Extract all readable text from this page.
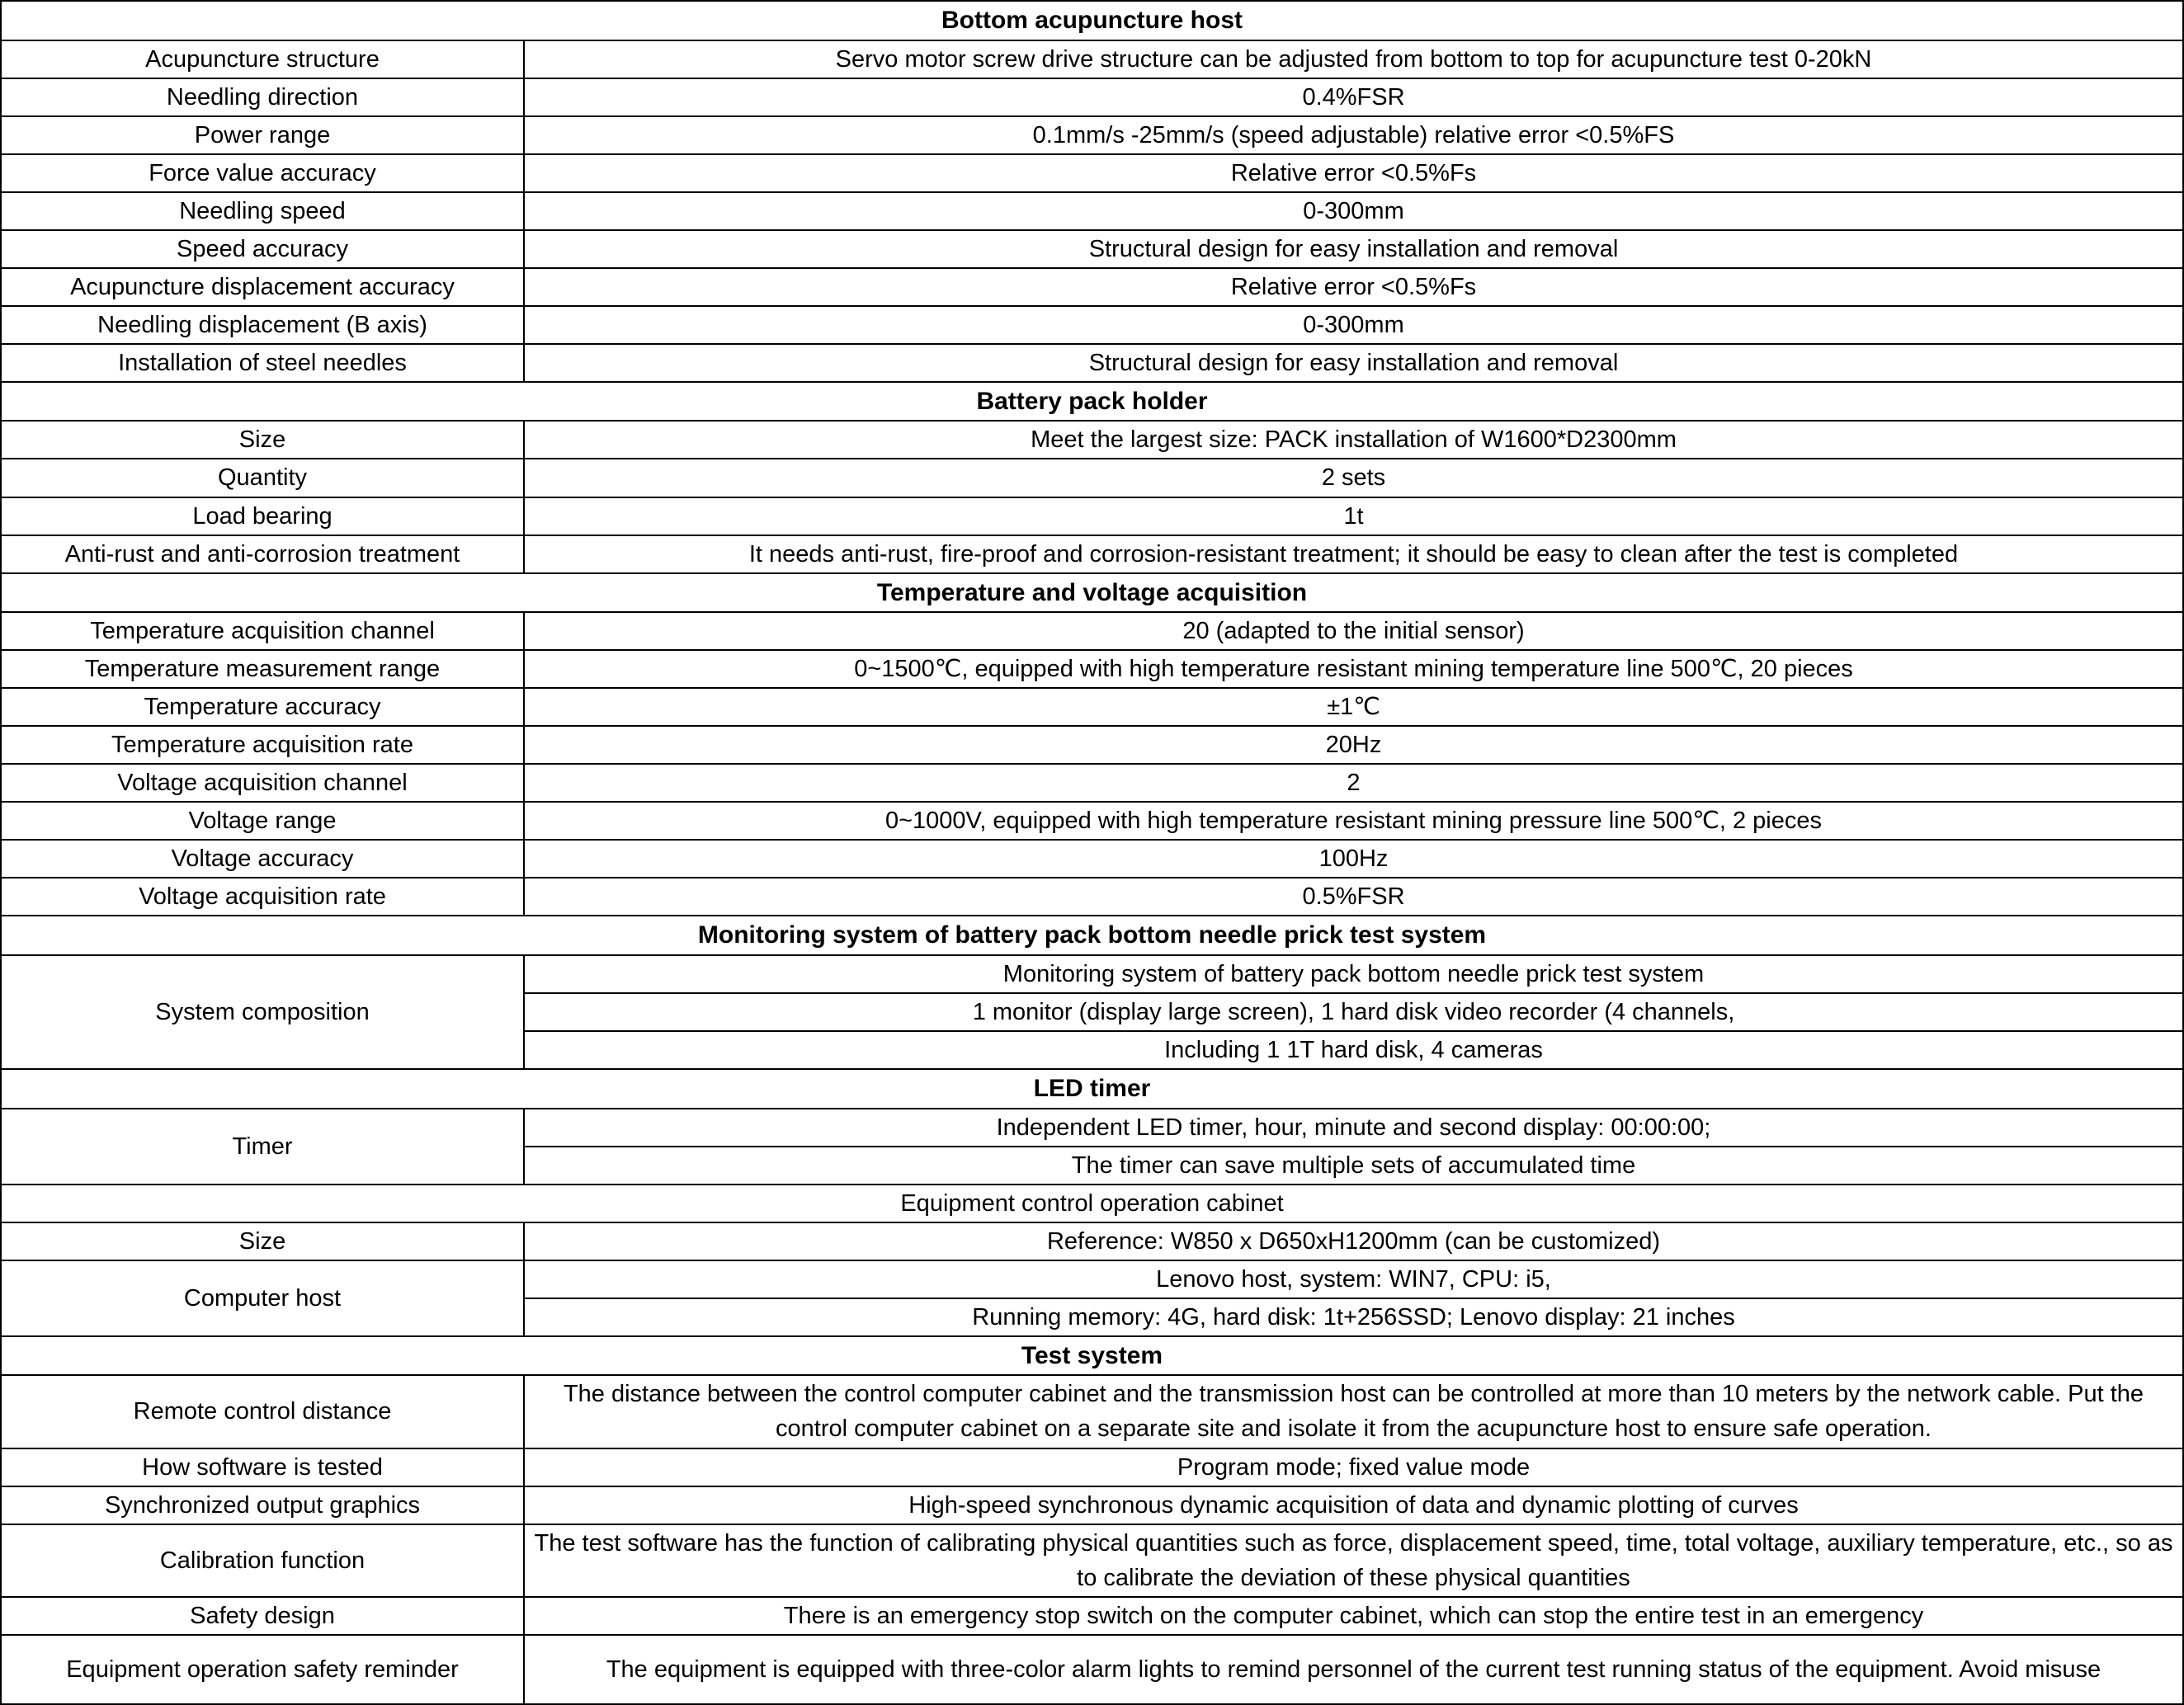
Bottom acupuncture host	
Acupuncture structure	Servo motor screw drive structure can be adjusted from bottom to top for acupuncture test 0-20kN
Needling direction	0.4%FSR
Power range	0.1mm/s -25mm/s (speed adjustable) relative error <0.5%FS
Force value accuracy	Relative error <0.5%Fs
Needling speed	0-300mm
Speed accuracy	Structural design for easy installation and removal
Acupuncture displacement accuracy	Relative error <0.5%Fs
Needling displacement (B axis)	0-300mm
Installation of steel needles	Structural design for easy installation and removal
Battery pack holder	
Size	Meet the largest size: PACK installation of W1600*D2300mm
Quantity	2 sets
Load bearing	1t
Anti-rust and anti-corrosion treatment	It needs anti-rust, fire-proof and corrosion-resistant treatment; it should be easy to clean after the test is completed
Temperature and voltage acquisition	
Temperature acquisition channel	20 (adapted to the initial sensor)
Temperature measurement range	0~1500℃, equipped with high temperature resistant mining temperature line 500℃, 20 pieces
Temperature accuracy	±1℃
Temperature acquisition rate	20Hz
Voltage acquisition channel	2
Voltage range	0~1000V, equipped with high temperature resistant mining pressure line 500℃, 2 pieces
Voltage accuracy	100Hz
Voltage acquisition rate	0.5%FSR
Monitoring system of battery pack bottom needle prick test system	
System composition	Monitoring system of battery pack bottom needle prick test system
	1 monitor (display large screen), 1 hard disk video recorder (4 channels,
	Including 1 1T hard disk, 4 cameras
LED timer	
Timer	Independent LED timer, hour, minute and second display: 00:00:00;
	The timer can save multiple sets of accumulated time
Equipment control operation cabinet	
Size	Reference: W850 x D650xH1200mm (can be customized)
Computer host	Lenovo host, system: WIN7, CPU: i5,
	Running memory: 4G, hard disk: 1t+256SSD; Lenovo display: 21 inches
Test system	
Remote control distance	The distance between the control computer cabinet and the transmission host can be controlled at more than 10 meters by the network cable. Put the control computer cabinet on a separate site and isolate it from the acupuncture host to ensure safe operation.
How software is tested	Program mode; fixed value mode
Synchronized output graphics	High-speed synchronous dynamic acquisition of data and dynamic plotting of curves
Calibration function	The test software has the function of calibrating physical quantities such as force, displacement speed, time, total voltage, auxiliary temperature, etc., so as to calibrate the deviation of these physical quantities
Safety design	There is an emergency stop switch on the computer cabinet, which can stop the entire test in an emergency
Equipment operation safety reminder	The equipment is equipped with three-color alarm lights to remind personnel of the current test running status of the equipment. Avoid misuse
